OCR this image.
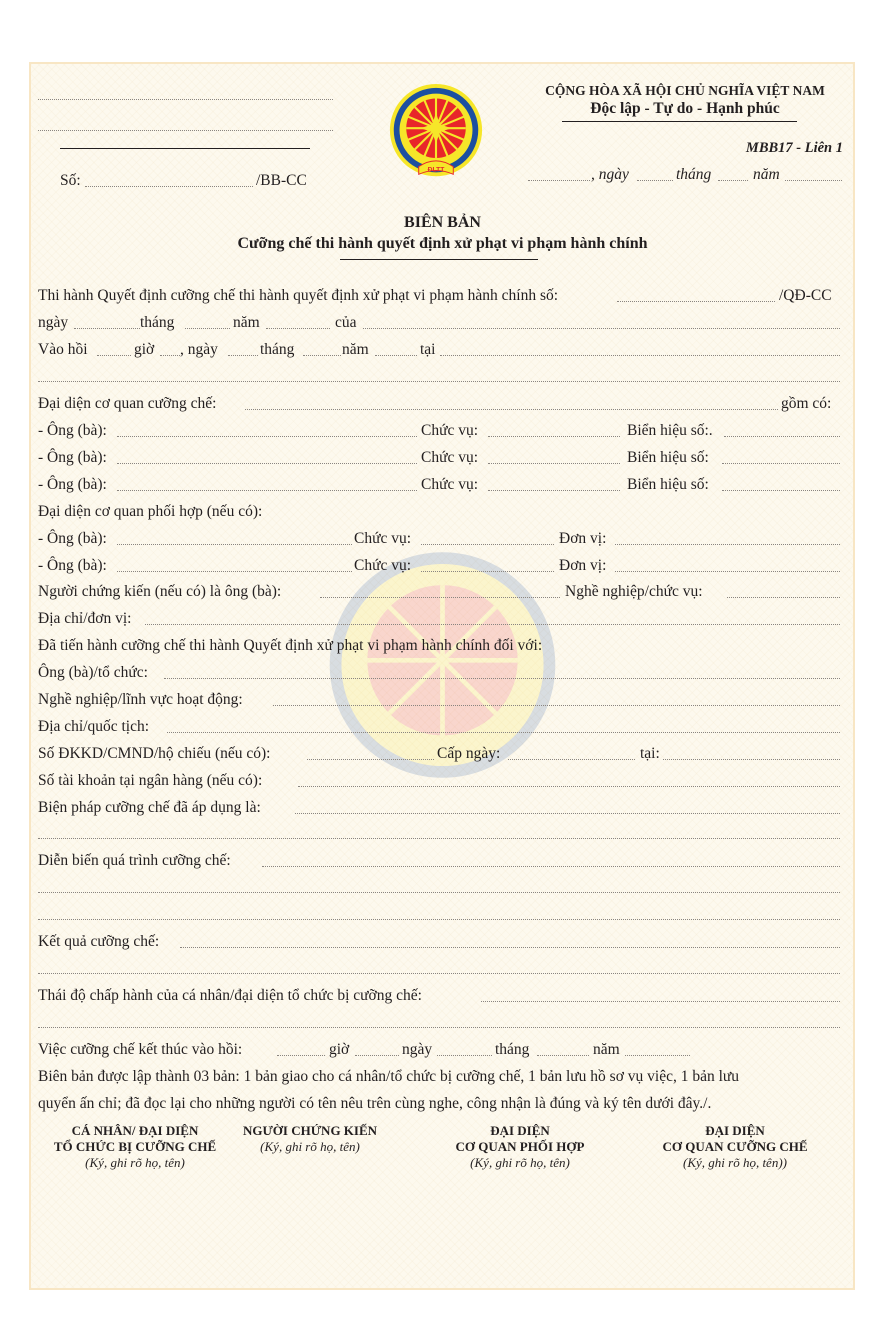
Số:	/BB-CC
ĐLTT
CỘNG HÒA XÃ HỘI CHỦ NGHĨA VIỆT NAM
Độc lập - Tự do - Hạnh phúc
MBB17 - Liên 1
, ngày	tháng	năm
BIÊN BẢN
Cưỡng chế thi hành quyết định xử phạt vi phạm hành chính
Thi hành Quyết định cưỡng chế thi hành quyết định xử phạt vi phạm hành chính số:	/QĐ-CC
ngày	tháng	năm	của
Vào hồi	giờ , ngày	tháng	năm	tại
Đại diện cơ quan cưỡng chế:	gồm có:
- Ông (bà):	Chức vụ:	Biển hiệu số:.
- Ông (bà):	Chức vụ:	Biển hiệu số:
- Ông (bà):	Chức vụ:	Biển hiệu số:
Đại diện cơ quan phối hợp (nếu có):
- Ông (bà):	Chức vụ:	Đơn vị:
- Ông (bà):	Chức vụ:	Đơn vị:
Người chứng kiến (nếu có) là ông (bà):	Nghề nghiệp/chức vụ:
Địa chỉ/đơn vị:
Đã tiến hành cưỡng chế thi hành Quyết định xử phạt vi phạm hành chính đối với:
Ông (bà)/tổ chức:
Nghề nghiệp/lĩnh vực hoạt động:
Địa chỉ/quốc tịch:
Số ĐKKD/CMND/hộ chiếu (nếu có):	Cấp ngày:	tại:
Số tài khoản tại ngân hàng (nếu có):
Biện pháp cưỡng chế đã áp dụng là:
Diễn biến quá trình cưỡng chế:
Kết quả cưỡng chế:
Thái độ chấp hành của cá nhân/đại diện tổ chức bị cưỡng chế:
Việc cưỡng chế kết thúc vào hồi:	giờ	ngày	tháng	năm
Biên bản được lập thành 03 bản: 1 bản giao cho cá nhân/tổ chức bị cưỡng chế, 1 bản lưu hồ sơ vụ việc, 1 bản lưu
quyển ấn chỉ; đã đọc lại cho những người có tên nêu trên cùng nghe, công nhận là đúng và ký tên dưới đây./.
CÁ NHÂN/ ĐẠI DIỆN
TỔ CHỨC BỊ CƯỠNG CHẾ
(Ký, ghi rõ họ, tên)
NGƯỜI CHỨNG KIẾN
(Ký, ghi rõ họ, tên)
ĐẠI DIỆN
CƠ QUAN PHỐI HỢP
(Ký, ghi rõ họ, tên)
ĐẠI DIỆN
CƠ QUAN CƯỠNG CHẾ
(Ký, ghi rõ họ, tên))
